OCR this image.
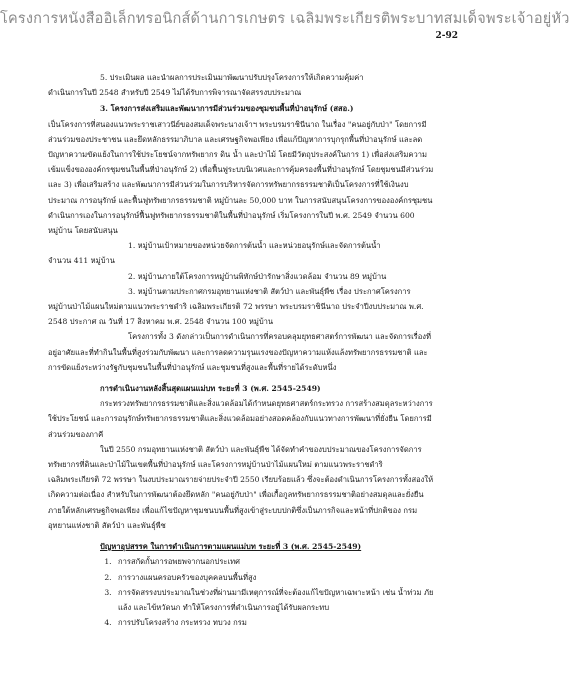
โครงการหนังสืออิเล็กทรอนิกส์ด้านการเกษตร เฉลิมพระเกียรติพระบาทสมเด็จพระเจ้าอยู่หัว
2-92

5. ประเมินผล และนำผลการประเมินมาพัฒนาปรับปรุงโครงการให้เกิดความคุ้มค่า

ดำเนินการในปี 2548 สำหรับปี 2549 ไม่ได้รับการพิจารณาจัดสรรงบประมาณ

3. โครงการส่งเสริมและพัฒนาการมีส่วนร่วมของชุมชนพื้นที่ป่าอนุรักษ์ (สสอ.)

เป็นโครงการที่สนองแนวพระราชเสาวนีย์ของสมเด็จพระนางเจ้าฯ พระบรมราชินีนาถ ในเรื่อง "คนอยู่กับป่า" โดยการมีส่วนร่วมของประชาชน และยึดหลักธรรมาภิบาล และเศรษฐกิจพอเพียง เพื่อแก้ปัญหาการบุกรุกพื้นที่ป่าอนุรักษ์ และลดปัญหาความขัดแย้งในการใช้ประโยชน์จากทรัพยากร ดิน น้ำ และป่าไม้ โดยมีวัตถุประสงค์ในการ 1) เพื่อส่งเสริมความเข้มแข็งขององค์กรชุมชนในพื้นที่ป่าอนุรักษ์ 2) เพื่อฟื้นฟูระบบนิเวศและการคุ้มครองพื้นที่ป่าอนุรักษ์ โดยชุมชนมีส่วนร่วม และ 3) เพื่อเสริมสร้าง และพัฒนาการมีส่วนร่วมในการบริหารจัดการทรัพยากรธรรมชาติเป็นโครงการที่ใช้เงินงบประมาณ การอนุรักษ์ และฟื้นฟูทรัพยากรธรรมชาติ หมู่บ้านละ 50,000 บาท ในการสนับสนุนโครงการขององค์กรชุมชนดำเนินการเองในการอนุรักษ์ฟื้นฟูทรัพยากรธรรมชาติในพื้นที่ป่าอนุรักษ์ เริ่มโครงการในปี พ.ศ. 2549 จำนวน 600 หมู่บ้าน โดยสนับสนุน

1. หมู่บ้านเป้าหมายของหน่วยจัดการต้นน้ำ และหน่วยอนุรักษ์และจัดการต้นน้ำ

จำนวน 411 หมู่บ้าน

2. หมู่บ้านภายใต้โครงการหมู่บ้านพิทักษ์ป่ารักษาสิ่งแวดล้อม จำนวน 89 หมู่บ้าน

3. หมู่บ้านตามประกาศกรมอุทยานแห่งชาติ สัตว์ป่า และพันธุ์พืช เรื่อง ประกาศโครงการ หมู่บ้านป่าไม้แผนใหม่ตามแนวพระราชดำริ เฉลิมพระเกียรติ 72 พรรษา พระบรมราชินีนาถ ประจำปีงบประมาณ พ.ศ. 2548 ประกาศ ณ วันที่ 17 สิงหาคม พ.ศ. 2548 จำนวน 100 หมู่บ้าน

โครงการทั้ง 3 ดังกล่าวเป็นการดำเนินการที่ครอบคลุมยุทธศาสตร์การพัฒนา และจัดการเรื่องที่อยู่อาศัยและที่ทำกินในพื้นที่สูงร่วมกับพัฒนา และการลดความรุนแรงของปัญหาความแห้งแล้งทรัพยากรธรรมชาติ และการขัดแย้งระหว่างรัฐกับชุมชนในพื้นที่ป่าอนุรักษ์ และชุมชนที่สูงและพื้นที่รายได้ระดับหนึ่ง

การดำเนินงานหลังสิ้นสุดแผนแม่บท ระยะที่ 3 (พ.ศ. 2545-2549)

กระทรวงทรัพยากรธรรมชาติและสิ่งแวดล้อมได้กำหนดยุทธศาสตร์กระทรวง การสร้างสมดุลระหว่างการใช้ประโยชน์ และการอนุรักษ์ทรัพยากรธรรมชาติและสิ่งแวดล้อมอย่างสอดคล้องกับแนวทางการพัฒนาที่ยั่งยืน โดยการมีส่วนร่วมของภาคี

ในปี 2550 กรมอุทยานแห่งชาติ สัตว์ป่า และพันธุ์พืช ได้จัดทำคำของบประมาณของโครงการจัดการทรัพยากรที่ดินและป่าไม้ในเขตพื้นที่ป่าอนุรักษ์ และโครงการหมู่บ้านป่าไม้แผนใหม่ ตามแนวพระราชดำริ เฉลิมพระเกียรติ 72 พรรษา ในงบประมาณรายจ่ายประจำปี 2550 เรียบร้อยแล้ว ซึ่งจะต้องดำเนินการโครงการทั้งสองให้เกิดความต่อเนื่อง สำหรับในการพัฒนาต้องยึดหลัก "คนอยู่กับป่า" เพื่อเกื้อกูลทรัพยากรธรรมชาติอย่างสมดุลและยั่งยืน ภายใต้หลักเศรษฐกิจพอเพียง เพื่อแก้ไขปัญหาชุมชนบนพื้นที่สูงเข้าสู่ระบบปกติซึ่งเป็นภารกิจและหน้าที่ปกติของ กรมอุทยานแห่งชาติ สัตว์ป่า และพันธุ์พืช

ปัญหาอุปสรรค ในการดำเนินการตามแผนแม่บท ระยะที่ 3 (พ.ศ. 2545-2549)

1. การสกัดกั้นการอพยพจากนอกประเทศ
2. การวางแผนครอบครัวของบุคคลบนพื้นที่สูง
3. การจัดสรรงบประมาณในช่วงที่ผ่านมามีเหตุการณ์ที่จะต้องแก้ไขปัญหาเฉพาะหน้า เช่น น้ำท่วม ภัยแล้ง และไข้หวัดนก ทำให้โครงการที่ดำเนินการอยู่ได้รับผลกระทบ
4. การปรับโครงสร้าง กระทรวง ทบวง กรม
